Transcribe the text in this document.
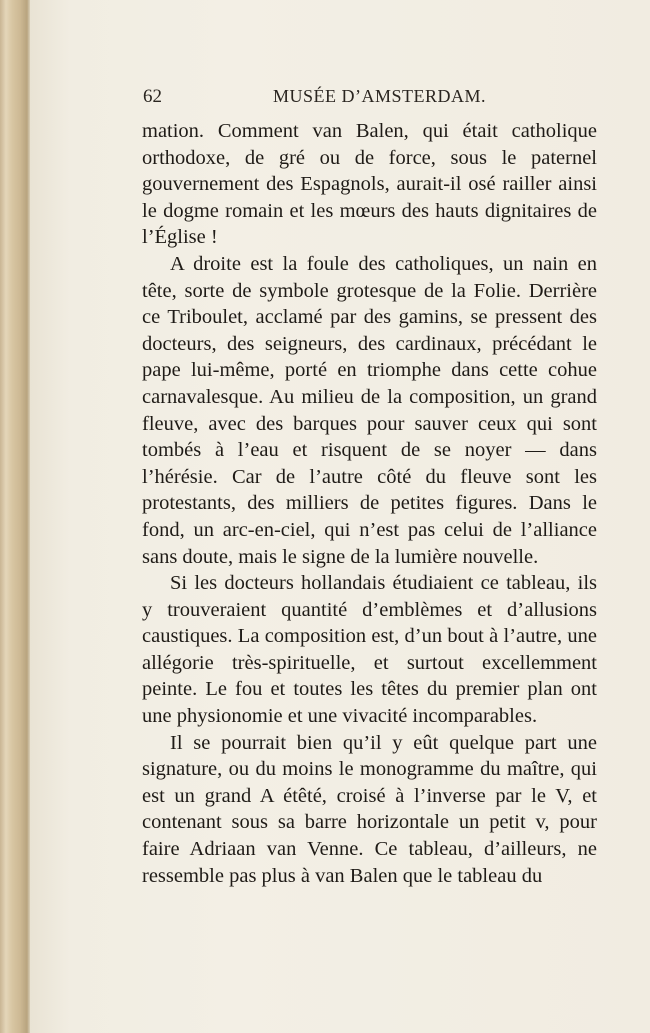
62	MUSÉE D’AMSTERDAM.

mation. Comment van Balen, qui était catholique orthodoxe, de gré ou de force, sous le paternel gouvernement des Espagnols, aurait-il osé railler ainsi le dogme romain et les mœurs des hauts dignitaires de l’Église !

A droite est la foule des catholiques, un nain en tête, sorte de symbole grotesque de la Folie. Derrière ce Triboulet, acclamé par des gamins, se pressent des docteurs, des seigneurs, des cardinaux, précédant le pape lui-même, porté en triomphe dans cette cohue carnavalesque. Au milieu de la composition, un grand fleuve, avec des barques pour sauver ceux qui sont tombés à l’eau et risquent de se noyer — dans l’hérésie. Car de l’autre côté du fleuve sont les protestants, des milliers de petites figures. Dans le fond, un arc-en-ciel, qui n’est pas celui de l’alliance sans doute, mais le signe de la lumière nouvelle.

Si les docteurs hollandais étudiaient ce tableau, ils y trouveraient quantité d’emblèmes et d’allusions caustiques. La composition est, d’un bout à l’autre, une allégorie très-spirituelle, et surtout excellemment peinte. Le fou et toutes les têtes du premier plan ont une physionomie et une vivacité incomparables.

Il se pourrait bien qu’il y eût quelque part une signature, ou du moins le monogramme du maître, qui est un grand A étêté, croisé à l’inverse par le V, et contenant sous sa barre horizontale un petit v, pour faire Adriaan van Venne. Ce tableau, d’ailleurs, ne ressemble pas plus à van Balen que le tableau du
